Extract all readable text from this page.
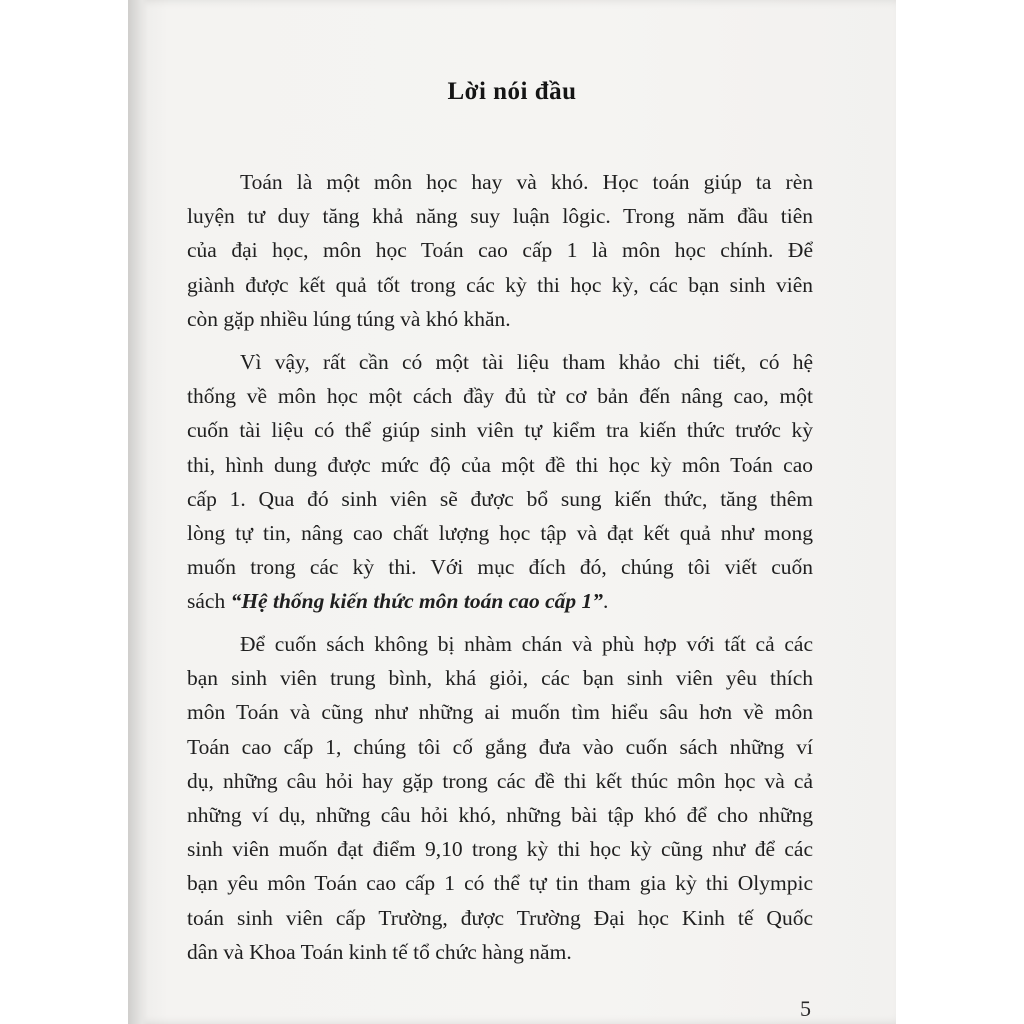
Lời nói đầu
Toán là một môn học hay và khó. Học toán giúp ta rèn
luyện tư duy tăng khả năng suy luận lôgic. Trong năm đầu tiên
của đại học, môn học Toán cao cấp 1 là môn học chính. Để
giành được kết quả tốt trong các kỳ thi học kỳ, các bạn sinh viên
còn gặp nhiều lúng túng và khó khăn.
Vì vậy, rất cần có một tài liệu tham khảo chi tiết, có hệ
thống về môn học một cách đầy đủ từ cơ bản đến nâng cao, một
cuốn tài liệu có thể giúp sinh viên tự kiểm tra kiến thức trước kỳ
thi, hình dung được mức độ của một đề thi học kỳ môn Toán cao
cấp 1. Qua đó sinh viên sẽ được bổ sung kiến thức, tăng thêm
lòng tự tin, nâng cao chất lượng học tập và đạt kết quả như mong
muốn trong các kỳ thi. Với mục đích đó, chúng tôi viết cuốn
sách “Hệ thống kiến thức môn toán cao cấp 1”.
Để cuốn sách không bị nhàm chán và phù hợp với tất cả các
bạn sinh viên trung bình, khá giỏi, các bạn sinh viên yêu thích
môn Toán và cũng như những ai muốn tìm hiểu sâu hơn về môn
Toán cao cấp 1, chúng tôi cố gắng đưa vào cuốn sách những ví
dụ, những câu hỏi hay gặp trong các đề thi kết thúc môn học và cả
những ví dụ, những câu hỏi khó, những bài tập khó để cho những
sinh viên muốn đạt điểm 9,10 trong kỳ thi học kỳ cũng như để các
bạn yêu môn Toán cao cấp 1 có thể tự tin tham gia kỳ thi Olympic
toán sinh viên cấp Trường, được Trường Đại học Kinh tế Quốc
dân và Khoa Toán kinh tế tổ chức hàng năm.
5
